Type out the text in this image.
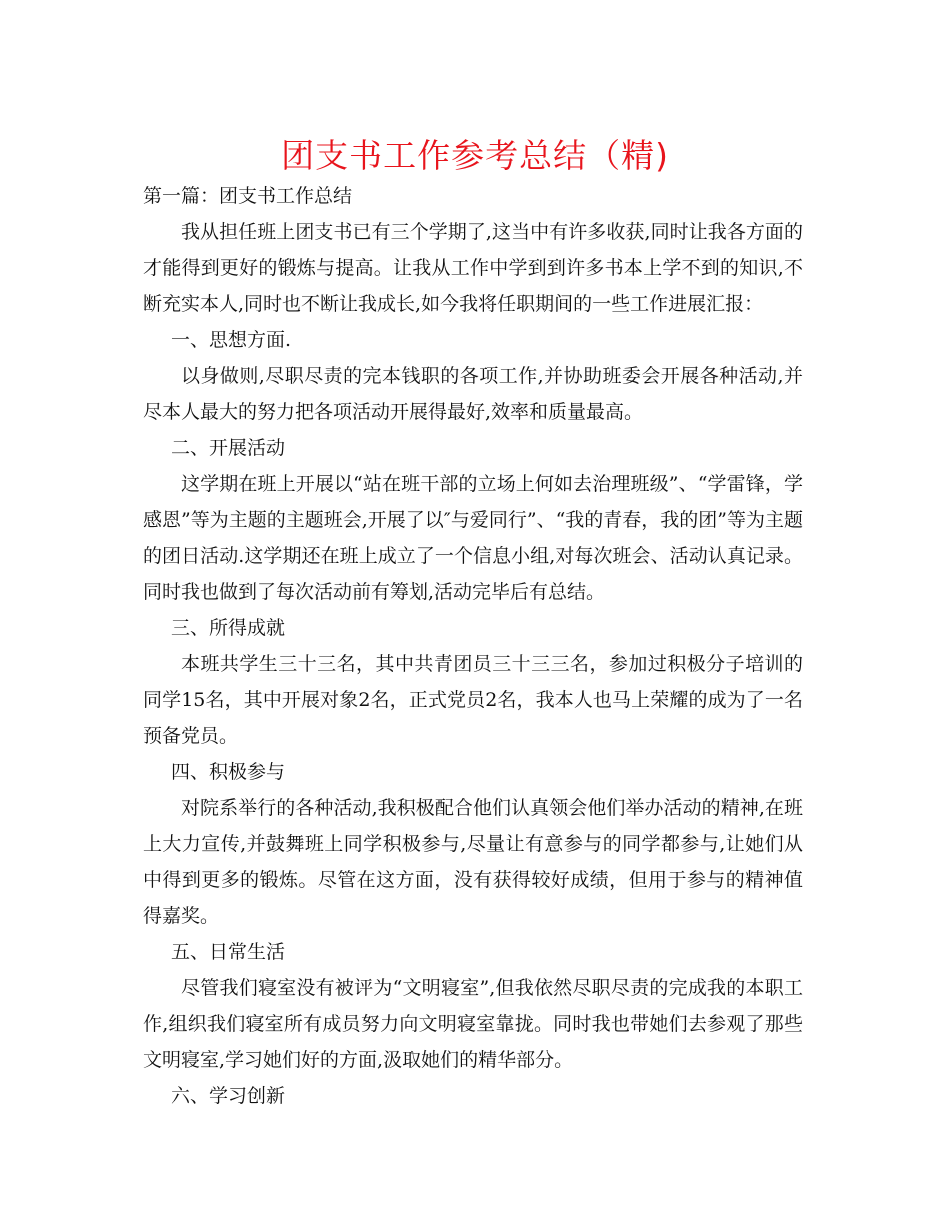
团支书工作参考总结（精)

第一篇：团支书工作总结

我从担任班上团支书已有三个学期了,这当中有许多收获,同时让我各方面的才能得到更好的锻炼与提高。让我从工作中学到到许多书本上学不到的知识,不断充实本人,同时也不断让我成长,如今我将任职期间的一些工作进展汇报：

一、思想方面.

以身做则,尽职尽责的完本钱职的各项工作,并协助班委会开展各种活动,并尽本人最大的努力把各项活动开展得最好,效率和质量最高。

二、开展活动

这学期在班上开展以“站在班干部的立场上何如去治理班级”、“学雷锋，学感恩”等为主题的主题班会,开展了以″与爱同行”、“我的青春，我的团”等为主题的团日活动.这学期还在班上成立了一个信息小组,对每次班会、活动认真记录。同时我也做到了每次活动前有筹划,活动完毕后有总结。

三、所得成就

本班共学生三十三名，其中共青团员三十三三名，参加过积极分子培训的同学15名，其中开展对象2名，正式党员2名，我本人也马上荣耀的成为了一名预备党员。

四、积极参与

对院系举行的各种活动,我积极配合他们认真领会他们举办活动的精神,在班上大力宣传,并鼓舞班上同学积极参与,尽量让有意参与的同学都参与,让她们从中得到更多的锻炼。尽管在这方面，没有获得较好成绩，但用于参与的精神值得嘉奖。

五、日常生活

尽管我们寝室没有被评为“文明寝室”,但我依然尽职尽责的完成我的本职工作,组织我们寝室所有成员努力向文明寝室靠拢。同时我也带她们去参观了那些文明寝室,学习她们好的方面,汲取她们的精华部分。

六、学习创新
